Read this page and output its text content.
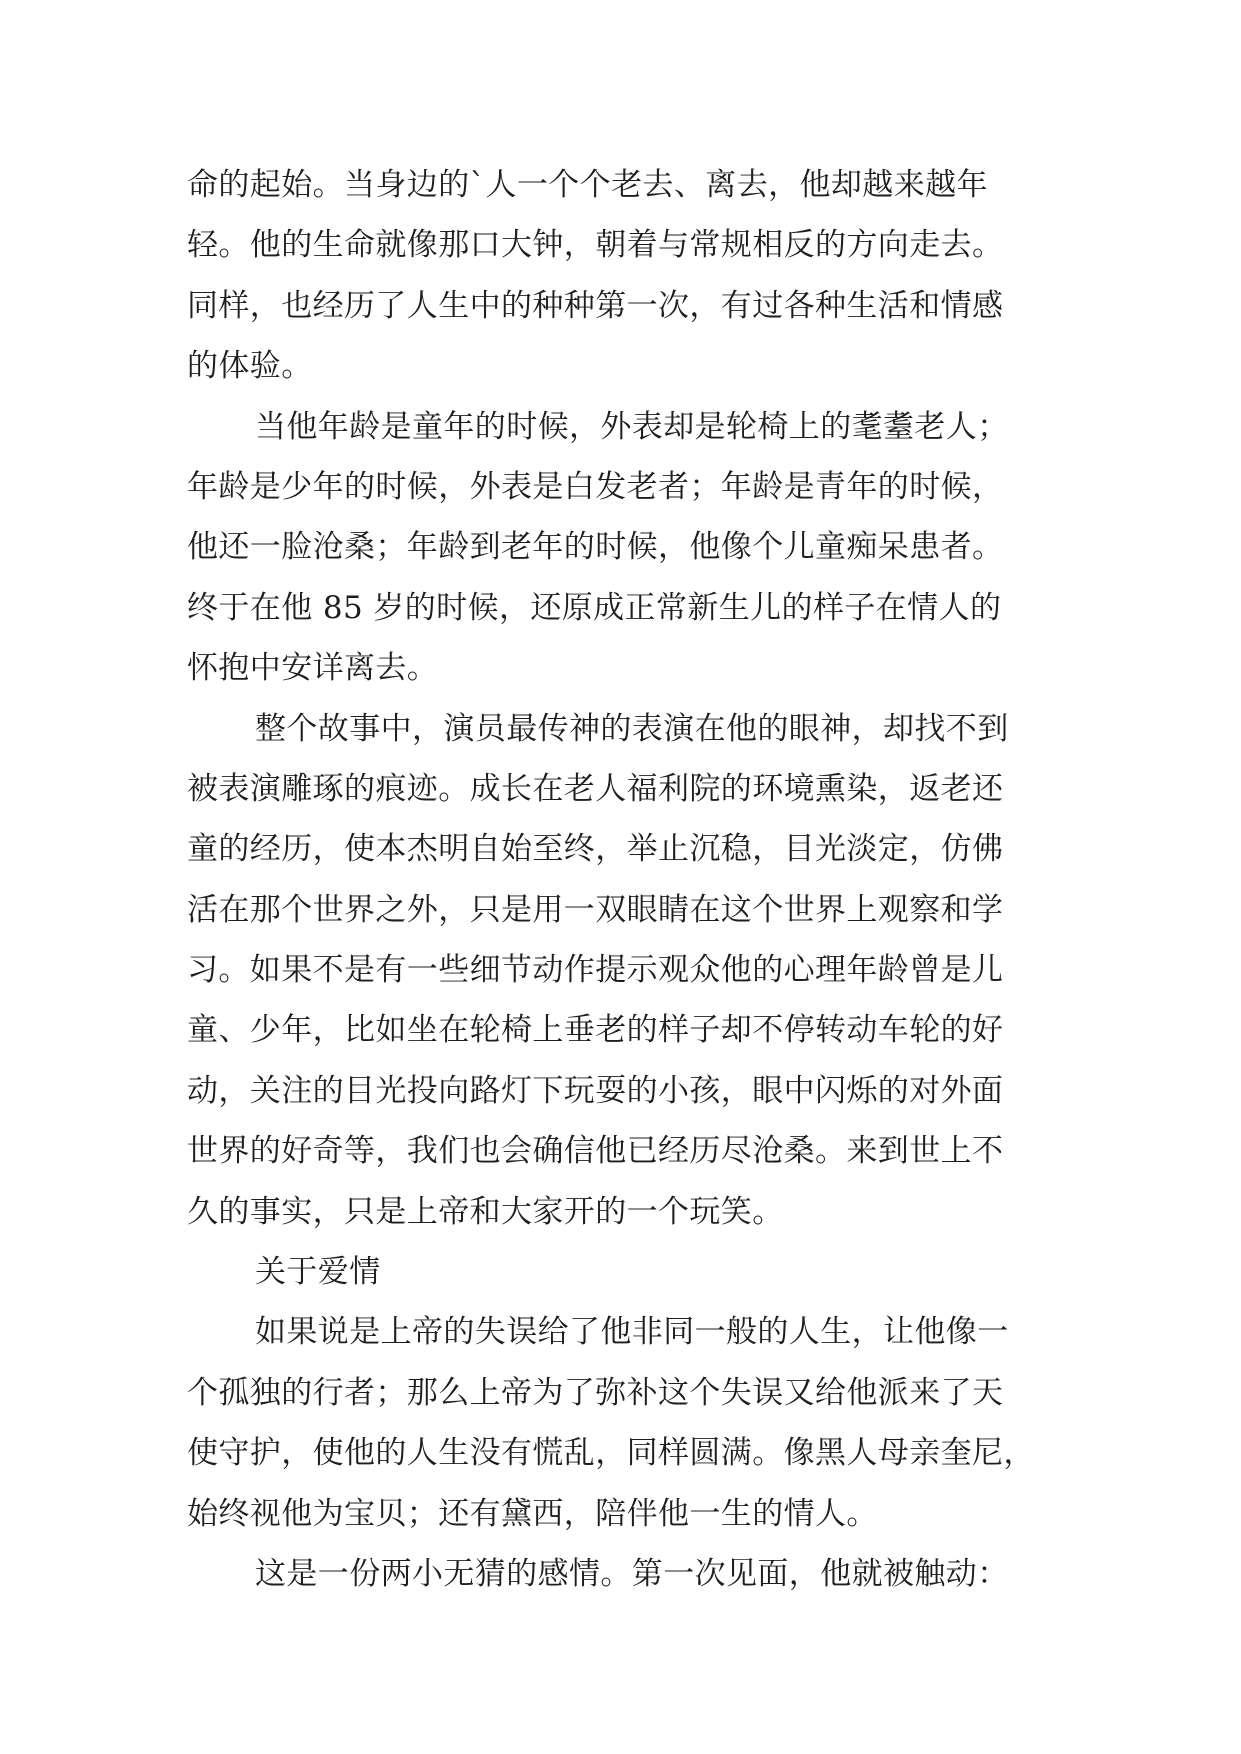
命的起始。当身边的`人一个个老去、离去，他却越来越年
轻。他的生命就像那口大钟，朝着与常规相反的方向走去。
同样，也经历了人生中的种种第一次，有过各种生活和情感
的体验。
当他年龄是童年的时候，外表却是轮椅上的耄耋老人；
年龄是少年的时候，外表是白发老者；年龄是青年的时候，
他还一脸沧桑；年龄到老年的时候，他像个儿童痴呆患者。
终于在他 85 岁的时候，还原成正常新生儿的样子在情人的
怀抱中安详离去。
整个故事中，演员最传神的表演在他的眼神，却找不到
被表演雕琢的痕迹。成长在老人福利院的环境熏染，返老还
童的经历，使本杰明自始至终，举止沉稳，目光淡定，仿佛
活在那个世界之外，只是用一双眼睛在这个世界上观察和学
习。如果不是有一些细节动作提示观众他的心理年龄曾是儿
童、少年，比如坐在轮椅上垂老的样子却不停转动车轮的好
动，关注的目光投向路灯下玩耍的小孩，眼中闪烁的对外面
世界的好奇等，我们也会确信他已经历尽沧桑。来到世上不
久的事实，只是上帝和大家开的一个玩笑。
关于爱情
如果说是上帝的失误给了他非同一般的人生，让他像一
个孤独的行者；那么上帝为了弥补这个失误又给他派来了天
使守护，使他的人生没有慌乱，同样圆满。像黑人母亲奎尼，
始终视他为宝贝；还有黛西，陪伴他一生的情人。
这是一份两小无猜的感情。第一次见面，他就被触动：
